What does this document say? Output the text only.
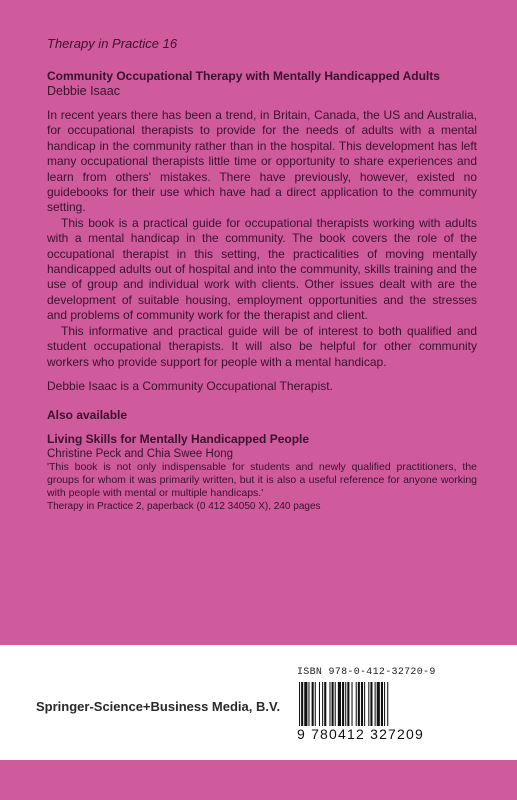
Therapy in Practice 16
Community Occupational Therapy with Mentally Handicapped Adults
Debbie Isaac

In recent years there has been a trend, in Britain, Canada, the US and Australia, for occupational therapists to provide for the needs of adults with a mental handicap in the community rather than in the hospital. This development has left many occupational therapists little time or opportunity to share experiences and learn from others' mistakes. There have previously, however, existed no guidebooks for their use which have had a direct application to the community setting.

This book is a practical guide for occupational therapists working with adults with a mental handicap in the community. The book covers the role of the occupational therapist in this setting, the practicalities of moving mentally handicapped adults out of hospital and into the community, skills training and the use of group and individual work with clients. Other issues dealt with are the development of suitable housing, employment opportunities and the stresses and problems of community work for the therapist and client.

This informative and practical guide will be of interest to both qualified and student occupational therapists. It will also be helpful for other community workers who provide support for people with a mental handicap.

Debbie Isaac is a Community Occupational Therapist.

Also available
Living Skills for Mentally Handicapped People
Christine Peck and Chia Swee Hong
'This book is not only indispensable for students and newly qualified practitioners, the groups for whom it was primarily written, but it is also a useful reference for anyone working with people with mental or multiple handicaps.'
Therapy in Practice 2, paperback (0 412 34050 X), 240 pages
Springer-Science+Business Media, B.V.
ISBN 978-0-412-32720-9
9 780412 327209
